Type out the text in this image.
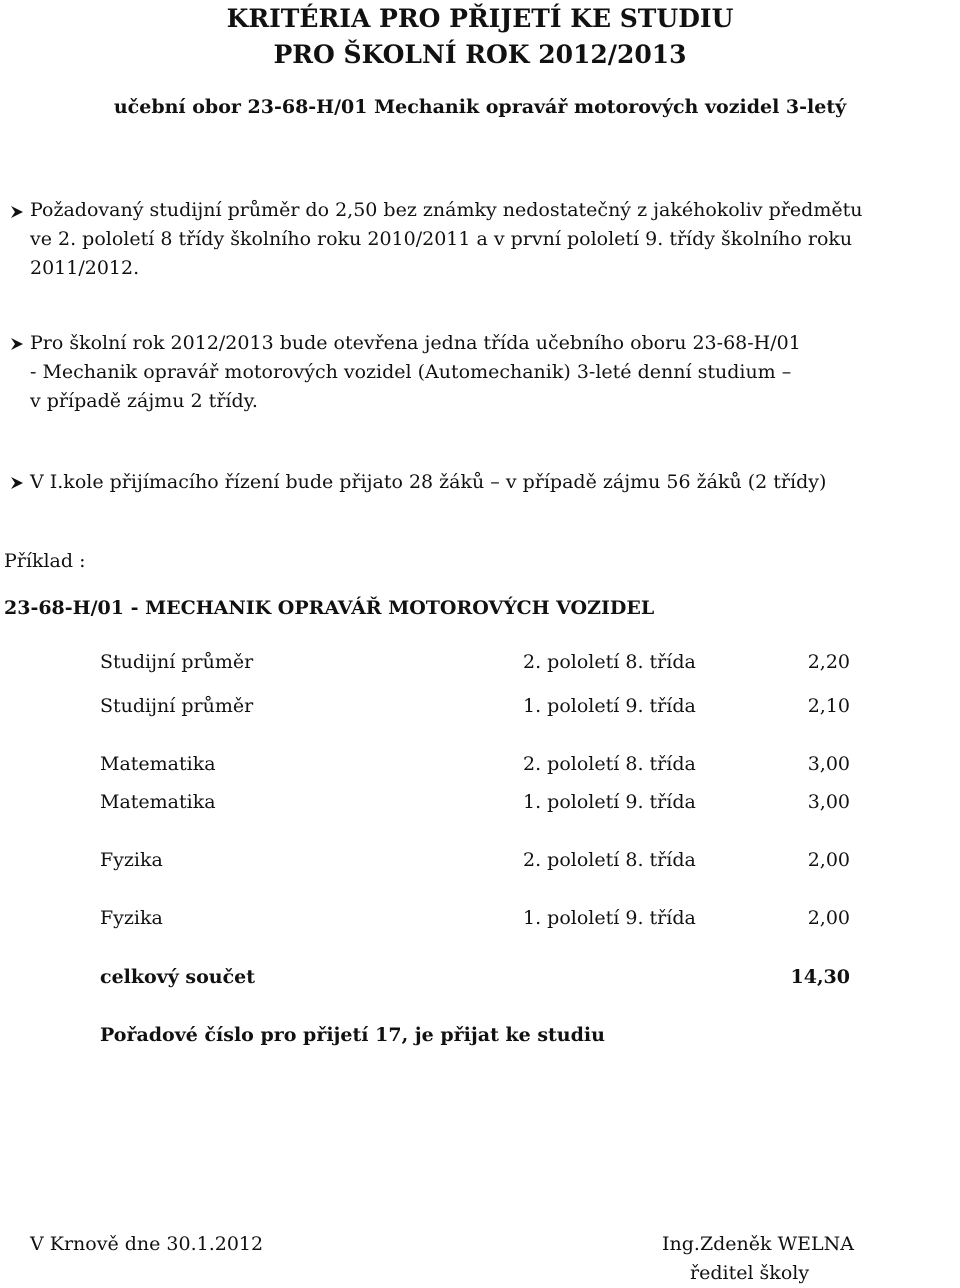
KRITÉRIA PRO PŘIJETÍ KE STUDIU
PRO ŠKOLNÍ ROK 2012/2013
učební obor 23-68-H/01 Mechanik opravář motorových vozidel 3-letý
Požadovaný studijní průměr do 2,50 bez známky nedostatečný z jakéhokoliv předmětu
ve 2. pololetí 8 třídy školního roku 2010/2011 a v první pololetí 9. třídy školního roku
2011/2012.
Pro školní rok 2012/2013 bude otevřena jedna třída učebního oboru 23-68-H/01
- Mechanik opravář motorových vozidel (Automechanik) 3-leté denní studium –
v případě zájmu 2 třídy.
V I.kole přijímacího řízení bude přijato 28 žáků – v případě zájmu 56 žáků (2 třídy)
Příklad :
23-68-H/01 - MECHANIK OPRAVÁŘ MOTOROVÝCH VOZIDEL
Studijní průměr	2. pololetí 8. třída	2,20
Studijní průměr	1. pololetí 9. třída	2,10
Matematika	2. pololetí 8. třída	3,00
Matematika	1. pololetí 9. třída	3,00
Fyzika	2. pololetí 8. třída	2,00
Fyzika	1. pololetí 9. třída	2,00
celkový součet	14,30
Pořadové číslo pro přijetí 17, je přijat ke studiu
V Krnově dne 30.1.2012	Ing.Zdeněk WELNA
ředitel školy
